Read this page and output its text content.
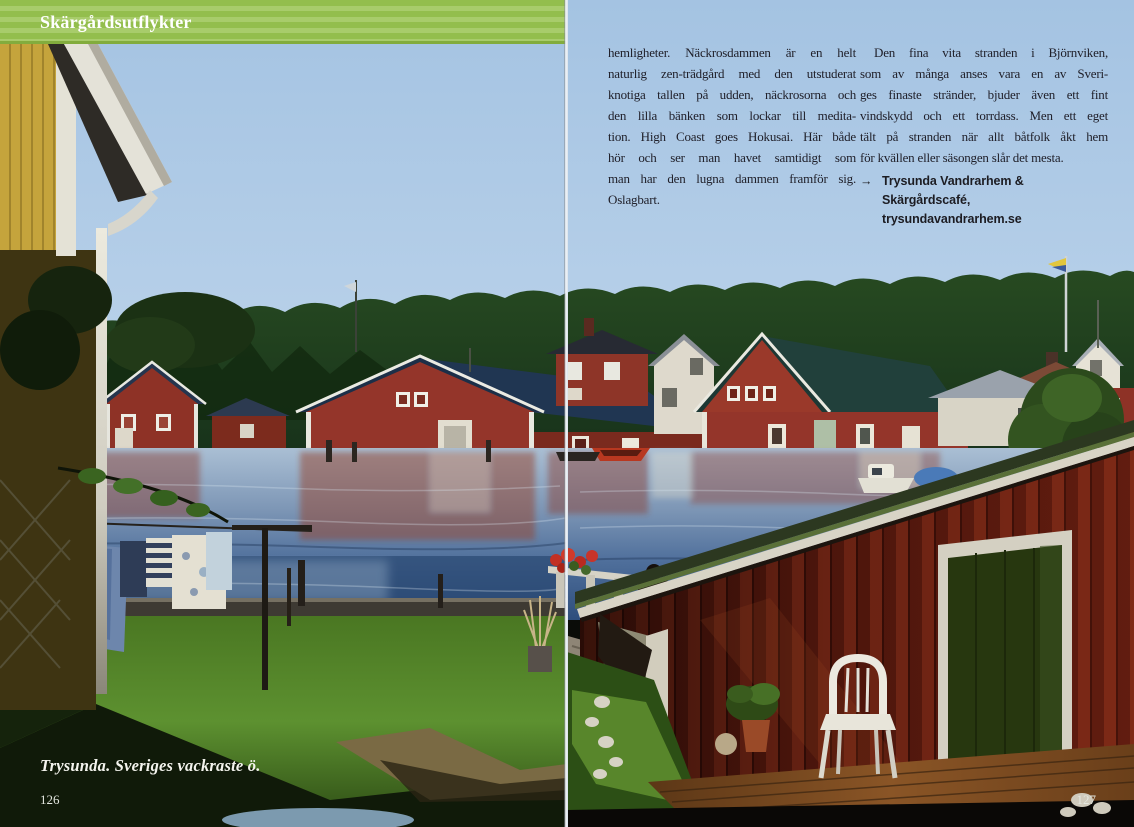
Skärgårdsutflykter
hemligheter. Näckrosdammen är en helt
naturlig zen-trädgård med den utstuderat
knotiga tallen på udden, näckrosorna och
den lilla bänken som lockar till medita-
tion. High Coast goes Hokusai. Här både
hör och ser man havet samtidigt som
man har den lugna dammen framför sig.
Oslagbart.
Den fina vita stranden i Björnviken,
som av många anses vara en av Sveri-
ges finaste stränder, bjuder även ett fint
vindskydd och ett torrdass. Men ett eget
tält på stranden när allt båtfolk åkt hem
för kvällen eller säsongen slår det mesta.
→ Trysunda Vandrarhem &
Skärgårdscafé, trysundavandrarhem.se
Trysunda. Sveriges vackraste ö.
126	127
